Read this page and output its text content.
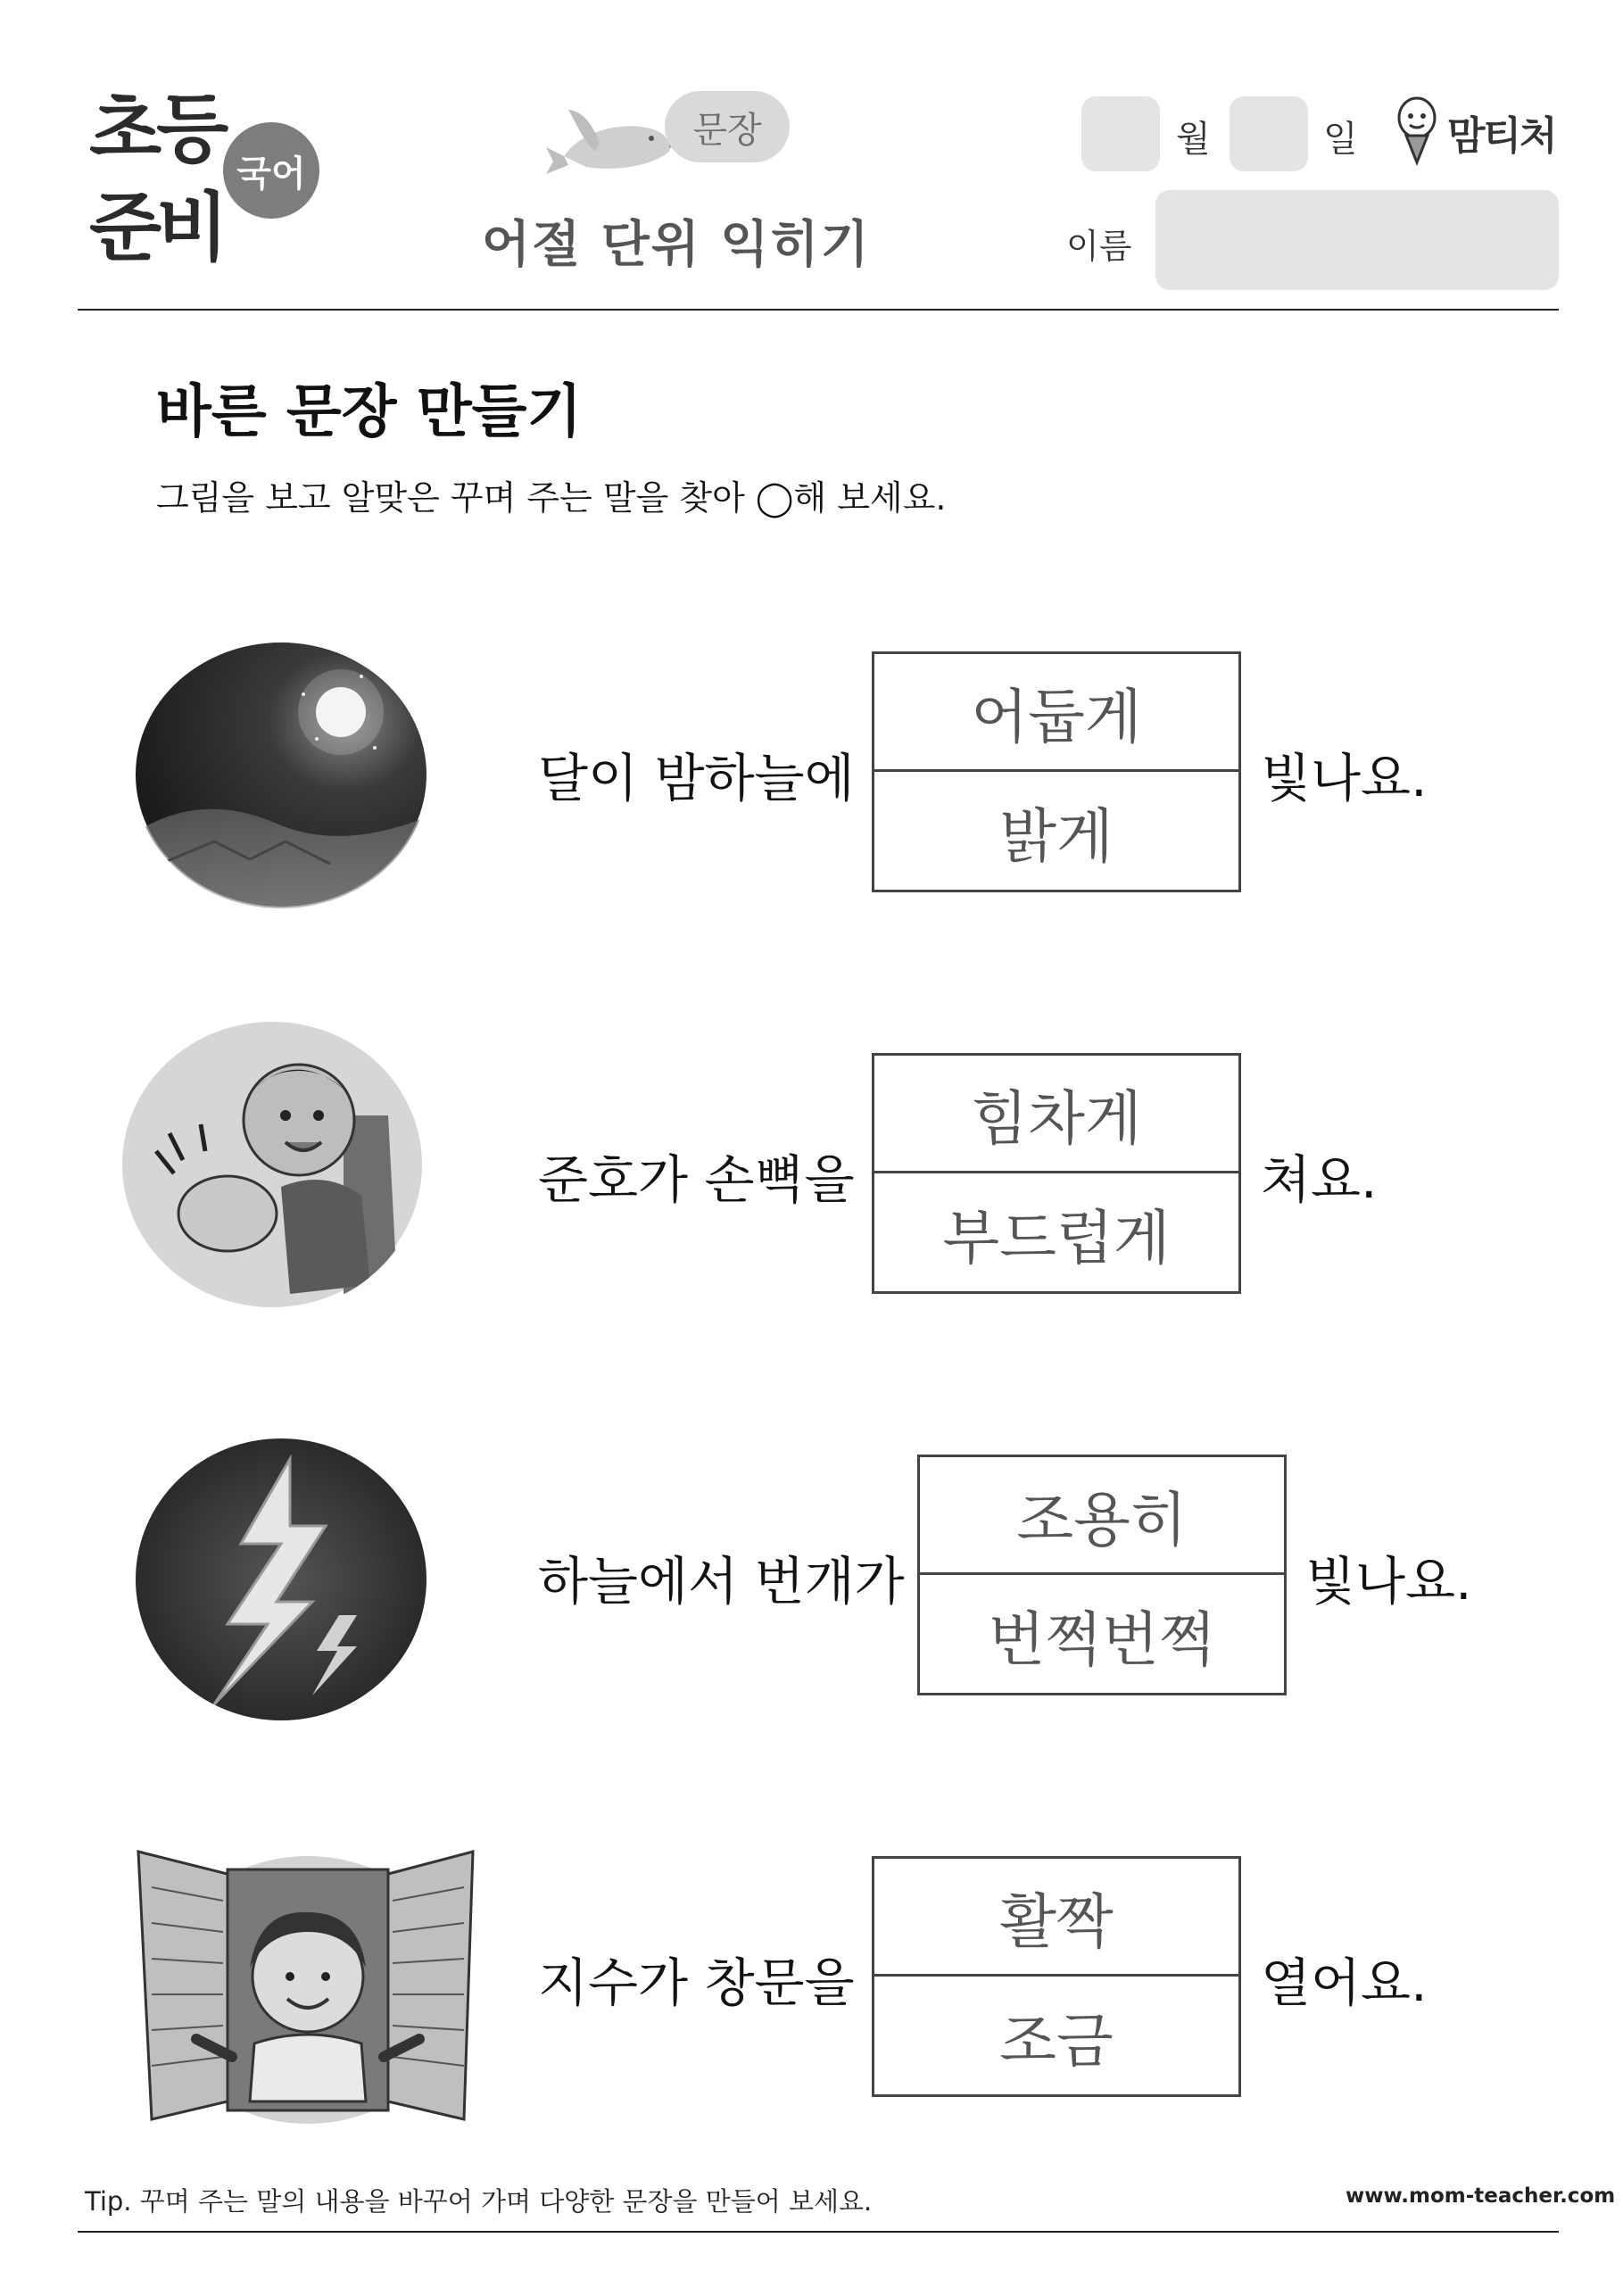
초등
준비
국어
문장
어절 단위 익히기
월	일 맘티처
이름
바른 문장 만들기
그림을 보고 알맞은 꾸며 주는 말을 찾아 ◯해 보세요.
달이 밤하늘에
어둡게
밝게
빛나요.
준호가 손뼉을
힘차게
부드럽게
쳐요.
하늘에서 번개가
조용히
번쩍번쩍
빛나요.
지수가 창문을
활짝
조금
열어요.
Tip. 꾸며 주는 말의 내용을 바꾸어 가며 다양한 문장을 만들어 보세요.	www.mom-teacher.com
